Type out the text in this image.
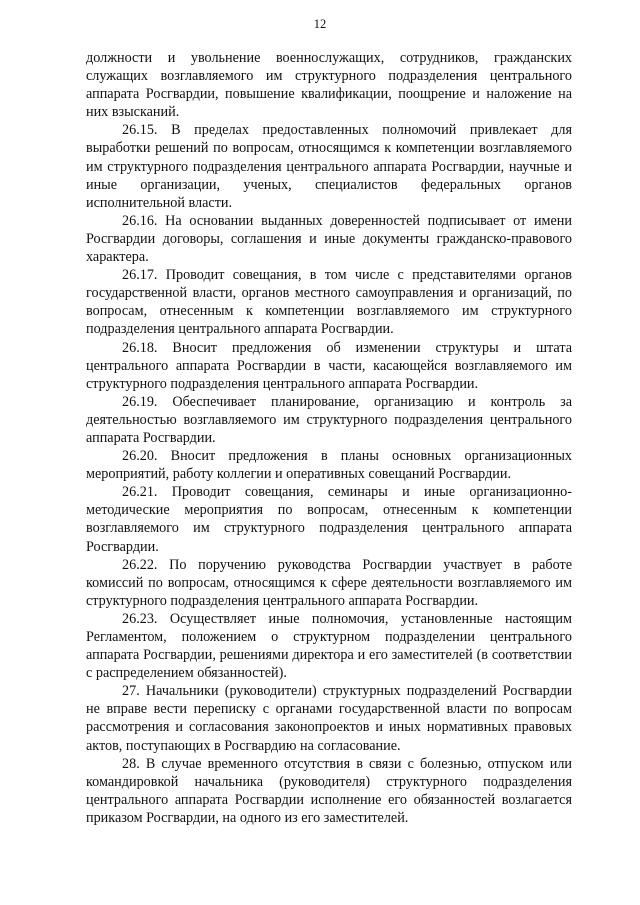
12

должности и увольнение военнослужащих, сотрудников, гражданских служащих возглавляемого им структурного подразделения центрального аппарата Росгвардии, повышение квалификации, поощрение и наложение на них взысканий.

26.15. В пределах предоставленных полномочий привлекает для выработки решений по вопросам, относящимся к компетенции возглавляемого им структурного подразделения центрального аппарата Росгвардии, научные и иные организации, ученых, специалистов федеральных органов исполнительной власти.

26.16. На основании выданных доверенностей подписывает от имени Росгвардии договоры, соглашения и иные документы гражданско-правового характера.

26.17. Проводит совещания, в том числе с представителями органов государственной власти, органов местного самоуправления и организаций, по вопросам, отнесенным к компетенции возглавляемого им структурного подразделения центрального аппарата Росгвардии.

26.18. Вносит предложения об изменении структуры и штата центрального аппарата Росгвардии в части, касающейся возглавляемого им структурного подразделения центрального аппарата Росгвардии.

26.19. Обеспечивает планирование, организацию и контроль за деятельностью возглавляемого им структурного подразделения центрального аппарата Росгвардии.

26.20. Вносит предложения в планы основных организационных мероприятий, работу коллегии и оперативных совещаний Росгвардии.

26.21. Проводит совещания, семинары и иные организационно-методические мероприятия по вопросам, отнесенным к компетенции возглавляемого им структурного подразделения центрального аппарата Росгвардии.

26.22. По поручению руководства Росгвардии участвует в работе комиссий по вопросам, относящимся к сфере деятельности возглавляемого им структурного подразделения центрального аппарата Росгвардии.

26.23. Осуществляет иные полномочия, установленные настоящим Регламентом, положением о структурном подразделении центрального аппарата Росгвардии, решениями директора и его заместителей (в соответствии с распределением обязанностей).

27. Начальники (руководители) структурных подразделений Росгвардии не вправе вести переписку с органами государственной власти по вопросам рассмотрения и согласования законопроектов и иных нормативных правовых актов, поступающих в Росгвардию на согласование.

28. В случае временного отсутствия в связи с болезнью, отпуском или командировкой начальника (руководителя) структурного подразделения центрального аппарата Росгвардии исполнение его обязанностей возлагается приказом Росгвардии, на одного из его заместителей.
